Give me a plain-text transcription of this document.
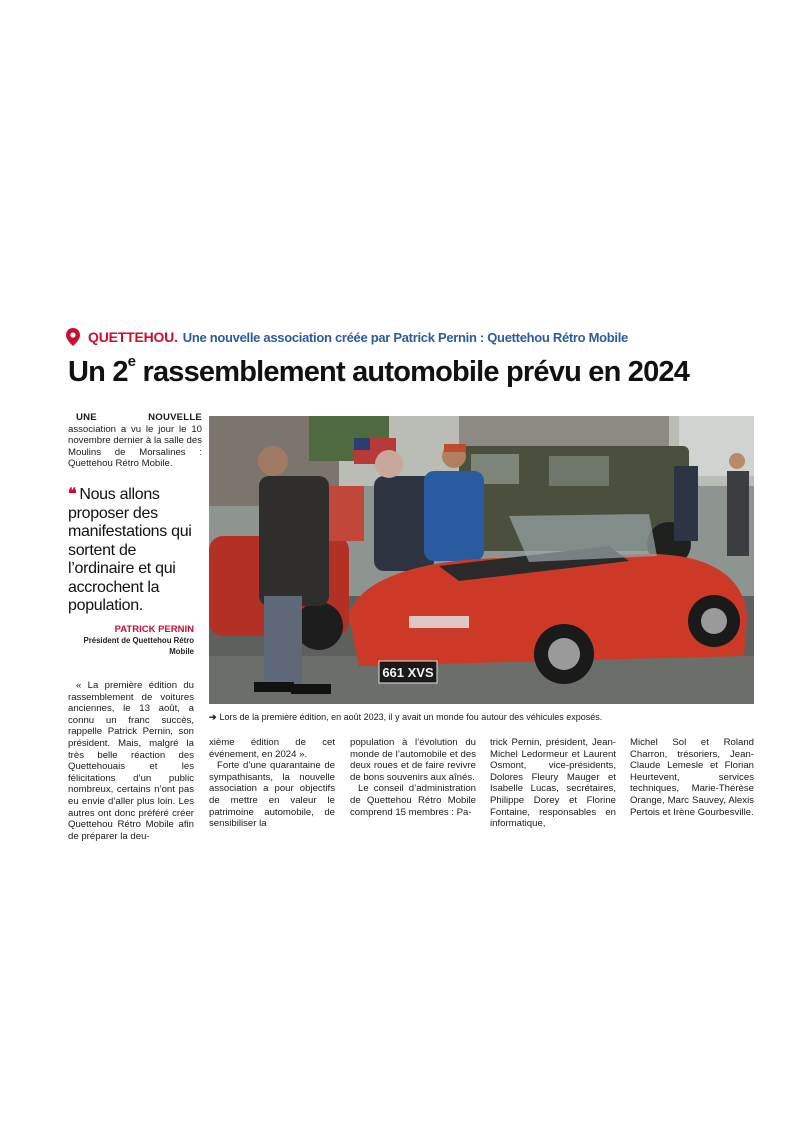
QUETTEHOU. Une nouvelle association créée par Patrick Pernin : Quettehou Rétro Mobile
Un 2e rassemblement automobile prévu en 2024

UNE NOUVELLE association a vu le jour le 10 novembre dernier à la salle des Moulins de Morsalines : Quettehou Rétro Mobile.

❝ Nous allons proposer des manifestations qui sortent de l’ordinaire et qui accrochent la population.
PATRICK PERNIN
Président de Quettehou Rétro Mobile

« La première édition du rassemblement de voitures anciennes, le 13 août, a connu un franc succès, rappelle Patrick Pernin, son président. Mais, malgré la très belle réaction des Quettehouais et les félicitations d’un public nombreux, certains n’ont pas eu envie d’aller plus loin. Les autres ont donc préféré créer Quettehou Rétro Mobile afin de préparer la deu-

661 XVS
➔ Lors de la première édition, en août 2023, il y avait un monde fou autour des véhicules exposés.

xième édition de cet événement, en 2024 ».

Forte d’une quarantaine de sympathisants, la nouvelle association a pour objectifs de mettre en valeur le patrimoine automobile, de sensibiliser la

population à l’évolution du monde de l’automobile et des deux roues et de faire revivre de bons souvenirs aux aînés.

Le conseil d’administration de Quettehou Rétro Mobile comprend 15 membres : Pa-

trick Pernin, président, Jean-Michel Ledormeur et Laurent Osmont, vice-présidents, Dolores Fleury Mauger et Isabelle Lucas, secrétaires, Philippe Dorey et Florine Fontaine, responsables en informatique,

Michel Sol et Roland Charron, trésoriers, Jean-Claude Lemesle et Florian Heurtevent, services techniques, Marie-Thérèse Orange, Marc Sauvey, Alexis Pertois et Irène Gourbesville.
